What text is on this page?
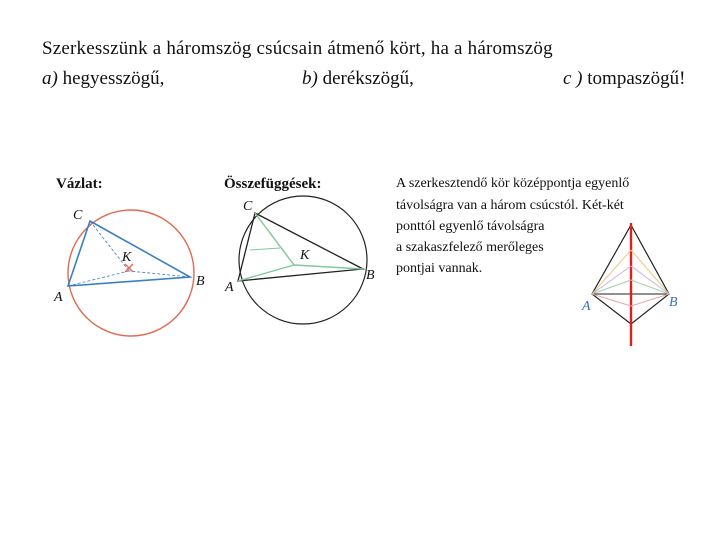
Szerkesszünk a háromszög csúcsain átmenő kört, ha a háromszög
a) hegyesszögű,	b) derékszögű,	c ) tompaszögű!
Vázlat:	Összefüggések:	A szerkesztendő kör középpontja egyenlő
távolságra van a három csúcstól. Két-két
ponttól egyenlő távolságra
a szakaszfelező merőleges
pontjai vannak.
C
B
A
K
C
B
A
K
A	B
